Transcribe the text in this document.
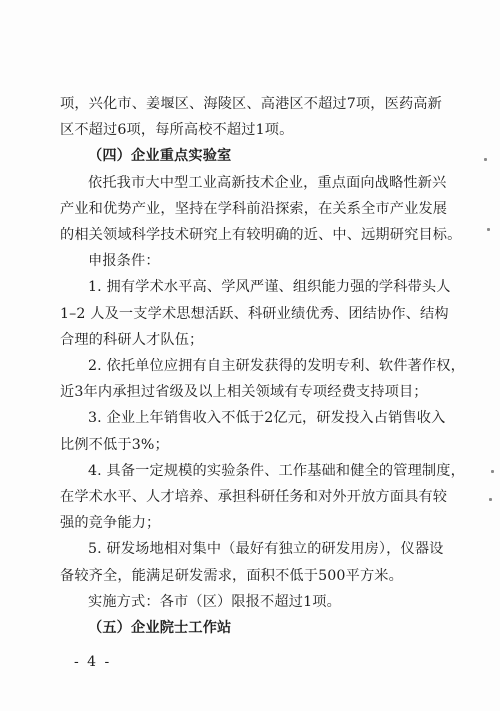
项，兴化市、姜堰区、海陵区、高港区不超过7项，医药高新
区不超过6项，每所高校不超过1项。
（四）企业重点实验室
依托我市大中型工业高新技术企业，重点面向战略性新兴
产业和优势产业，坚持在学科前沿探索，在关系全市产业发展
的相关领域科学技术研究上有较明确的近、中、远期研究目标。
申报条件：
1. 拥有学术水平高、学风严谨、组织能力强的学科带头人
1–2 人及一支学术思想活跃、科研业绩优秀、团结协作、结构
合理的科研人才队伍；
2. 依托单位应拥有自主研发获得的发明专利、软件著作权，
近3年内承担过省级及以上相关领域有专项经费支持项目；
3. 企业上年销售收入不低于2亿元，研发投入占销售收入
比例不低于3%；
4. 具备一定规模的实验条件、工作基础和健全的管理制度，
在学术水平、人才培养、承担科研任务和对外开放方面具有较
强的竞争能力；
5. 研发场地相对集中（最好有独立的研发用房），仪器设
备较齐全，能满足研发需求，面积不低于500平方米。
实施方式：各市（区）限报不超过1项。
（五）企业院士工作站
- 4 -
